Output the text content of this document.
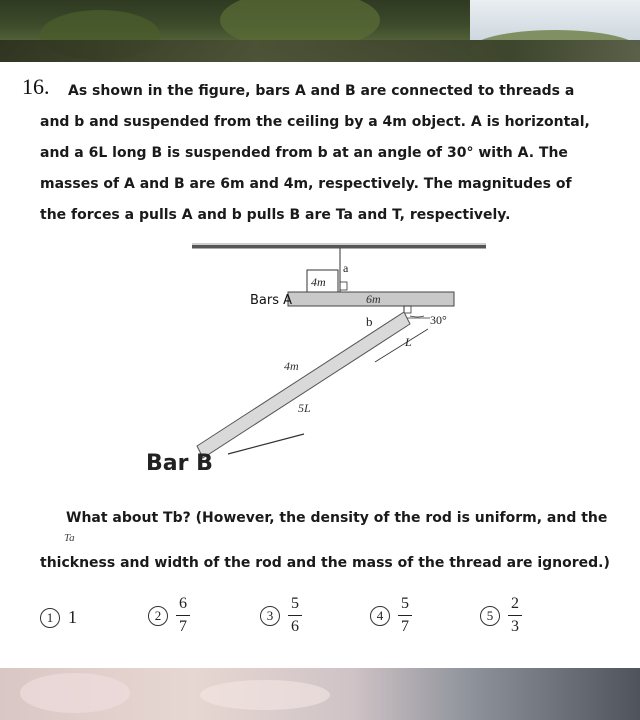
16.	As shown in the figure, bars A and B are connected to threads a and b and suspended from the ceiling by a 4m object. A is horizontal, and a 6L long B is suspended from b at an angle of 30° with A. The masses of A and B are 6m and 4m, respectively. The magnitudes of the forces a pulls A and b pulls B are Ta and T, respectively.
a
4m
Bars A	6m
b	30°
L
4m
5L
Bar B
What about Tb? (However, the density of the rod is uniform, and the
Ta
thickness and width of the rod and the mass of the thread are ignored.)
1 1	$2 \frac{6}{7}$	$3 \frac{5}{6}$	$4 \frac{5}{7}$	$5 \frac{2}{3}$
